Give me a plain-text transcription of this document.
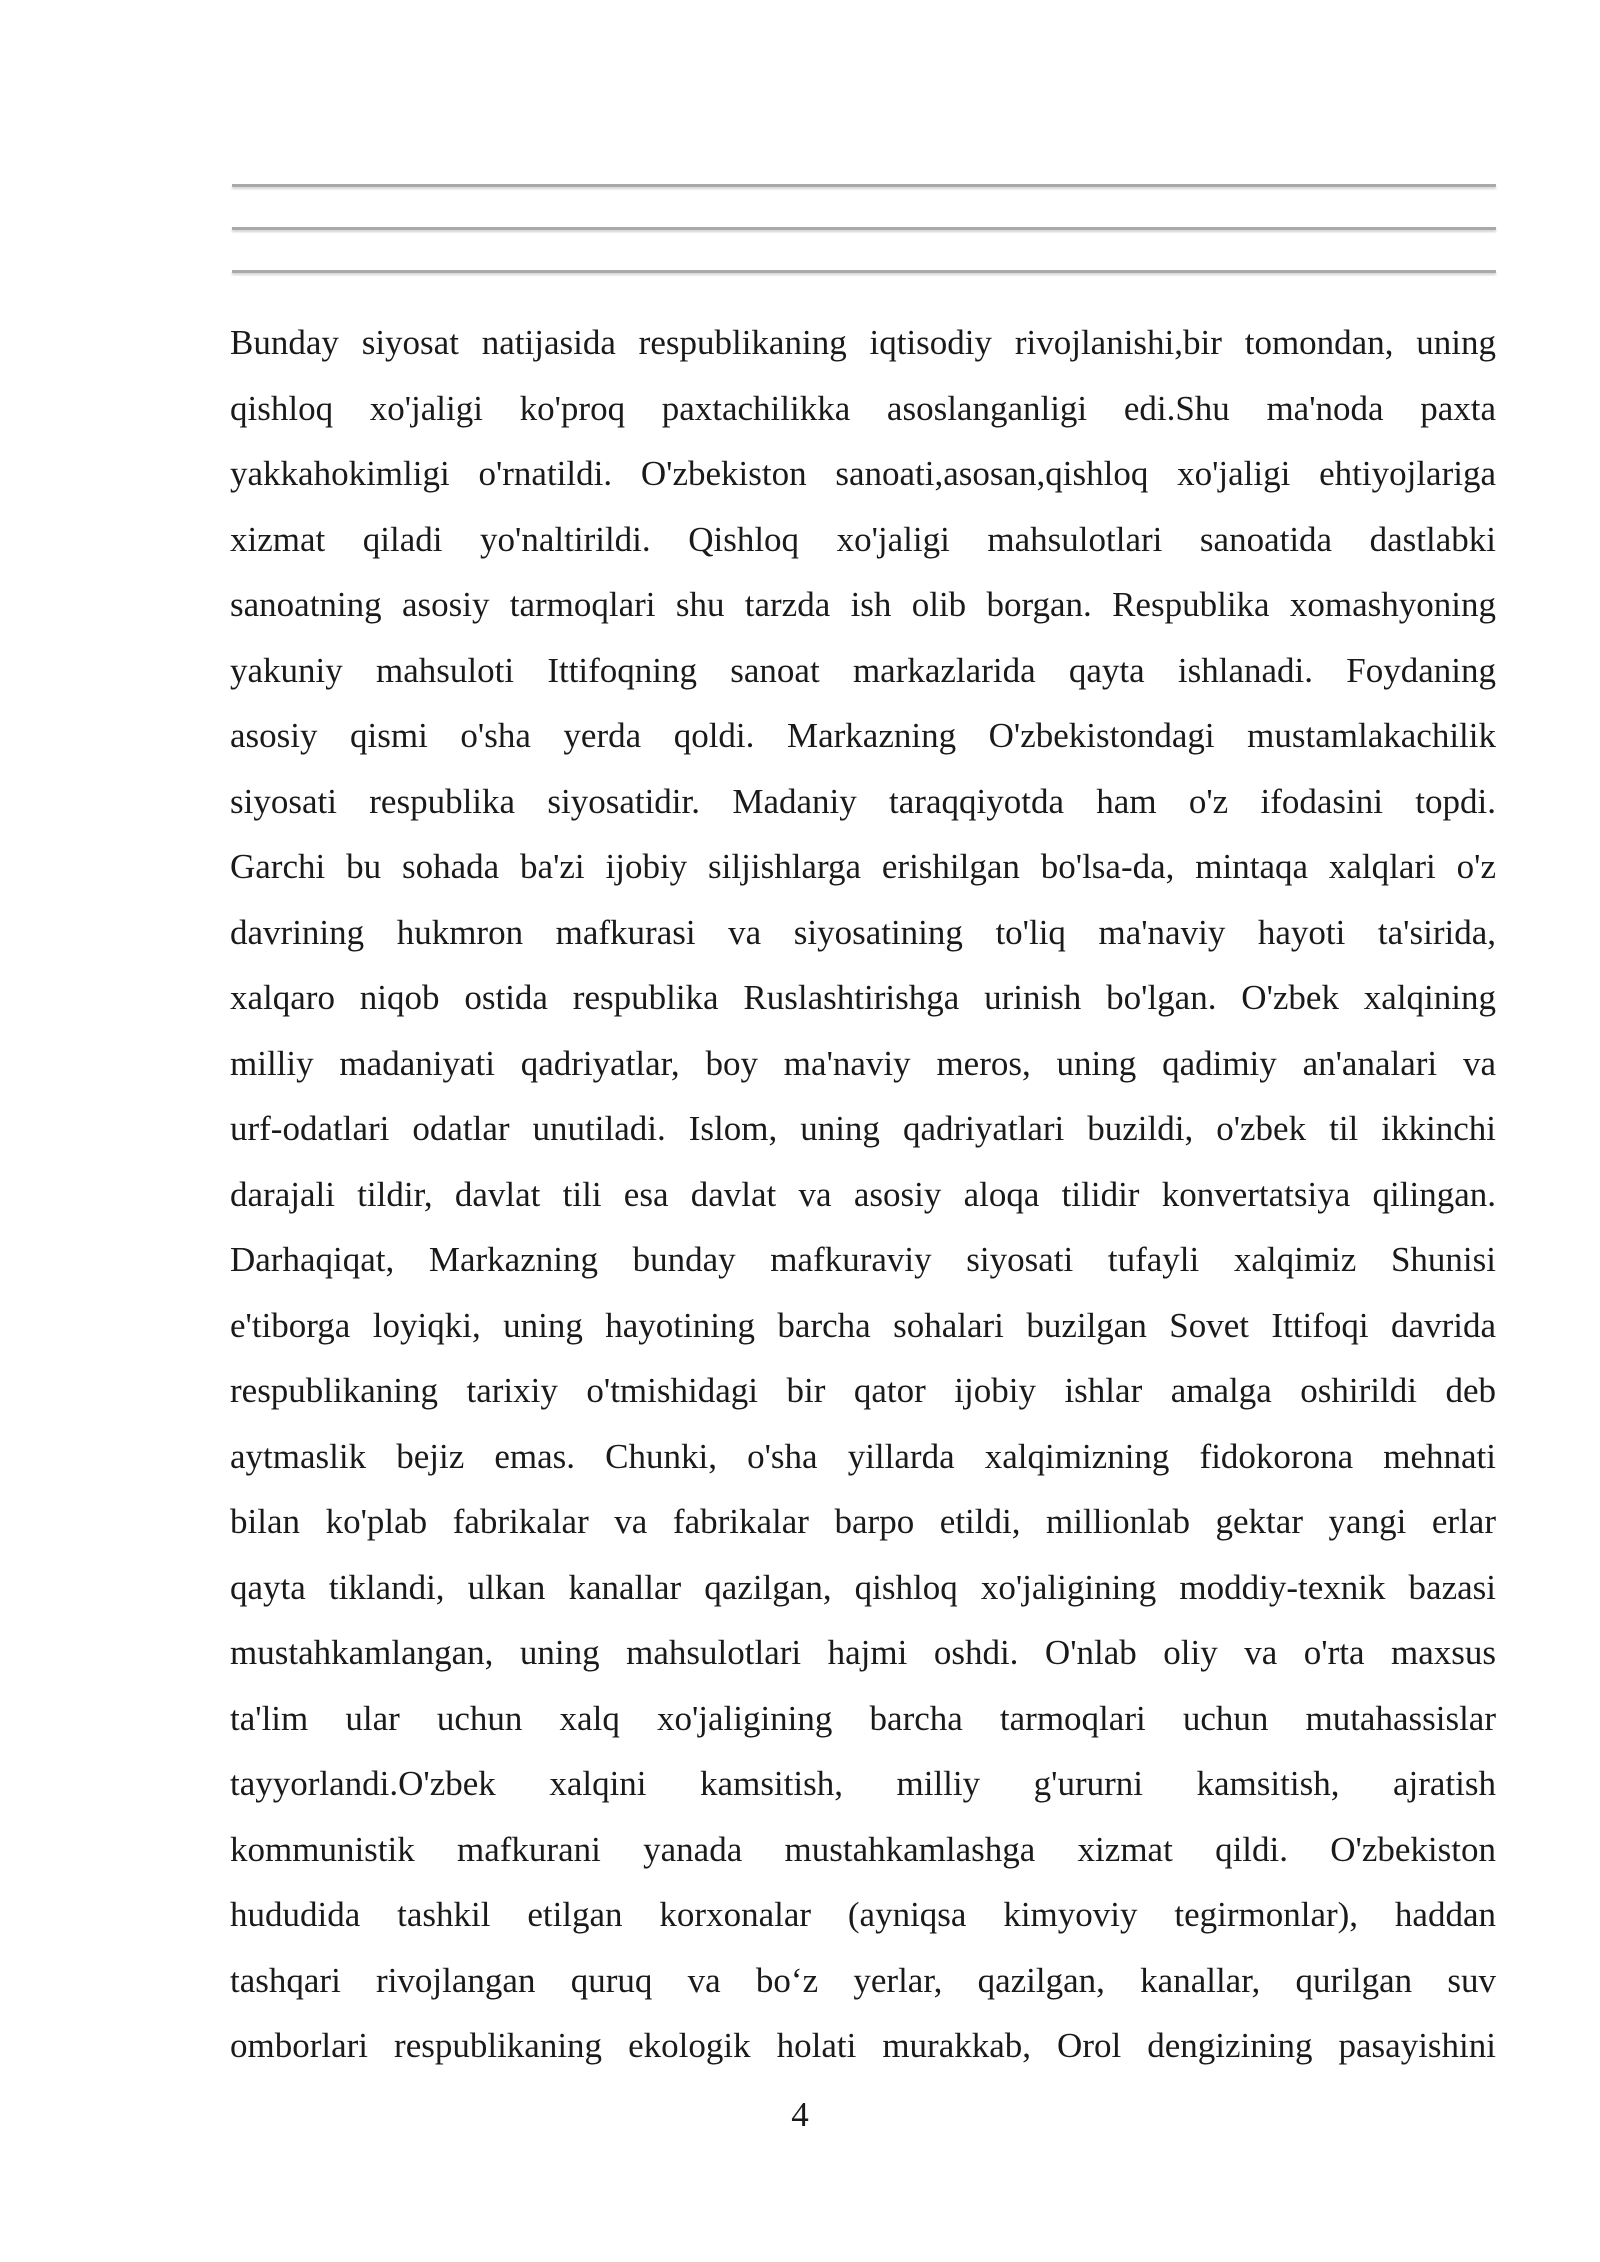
Bunday siyosat natijasida respublikaning iqtisodiy rivojlanishi,bir tomondan, uning
qishloq xo'jaligi ko'proq paxtachilikka asoslanganligi edi.Shu ma'noda paxta
yakkahokimligi o'rnatildi. O'zbekiston sanoati,asosan,qishloq xo'jaligi ehtiyojlariga
xizmat qiladi yo'naltirildi. Qishloq xo'jaligi mahsulotlari sanoatida dastlabki
sanoatning asosiy tarmoqlari shu tarzda ish olib borgan. Respublika xomashyoning
yakuniy mahsuloti Ittifoqning sanoat markazlarida qayta ishlanadi. Foydaning
asosiy qismi o'sha yerda qoldi. Markazning O'zbekistondagi mustamlakachilik
siyosati respublika siyosatidir. Madaniy taraqqiyotda ham o'z ifodasini topdi.
Garchi bu sohada ba'zi ijobiy siljishlarga erishilgan bo'lsa-da, mintaqa xalqlari o'z
davrining hukmron mafkurasi va siyosatining to'liq ma'naviy hayoti ta'sirida,
xalqaro niqob ostida respublika Ruslashtirishga urinish bo'lgan. O'zbek xalqining
milliy madaniyati qadriyatlar, boy ma'naviy meros, uning qadimiy an'analari va
urf-odatlari odatlar unutiladi. Islom, uning qadriyatlari buzildi, o'zbek til ikkinchi
darajali tildir, davlat tili esa davlat va asosiy aloqa tilidir konvertatsiya qilingan.
Darhaqiqat, Markazning bunday mafkuraviy siyosati tufayli xalqimiz Shunisi
e'tiborga loyiqki, uning hayotining barcha sohalari buzilgan Sovet Ittifoqi davrida
respublikaning tarixiy o'tmishidagi bir qator ijobiy ishlar amalga oshirildi deb
aytmaslik bejiz emas. Chunki, o'sha yillarda xalqimizning fidokorona mehnati
bilan ko'plab fabrikalar va fabrikalar barpo etildi, millionlab gektar yangi erlar
qayta tiklandi, ulkan kanallar qazilgan, qishloq xo'jaligining moddiy-texnik bazasi
mustahkamlangan, uning mahsulotlari hajmi oshdi. O'nlab oliy va o'rta maxsus
ta'lim ular uchun xalq xo'jaligining barcha tarmoqlari uchun mutahassislar
tayyorlandi.O'zbek xalqini kamsitish, milliy g'ururni kamsitish, ajratish
kommunistik mafkurani yanada mustahkamlashga xizmat qildi. O'zbekiston
hududida tashkil etilgan korxonalar (ayniqsa kimyoviy tegirmonlar), haddan
tashqari rivojlangan quruq va bo‘z yerlar, qazilgan, kanallar, qurilgan suv
omborlari respublikaning ekologik holati murakkab, Orol dengizining pasayishini
4
